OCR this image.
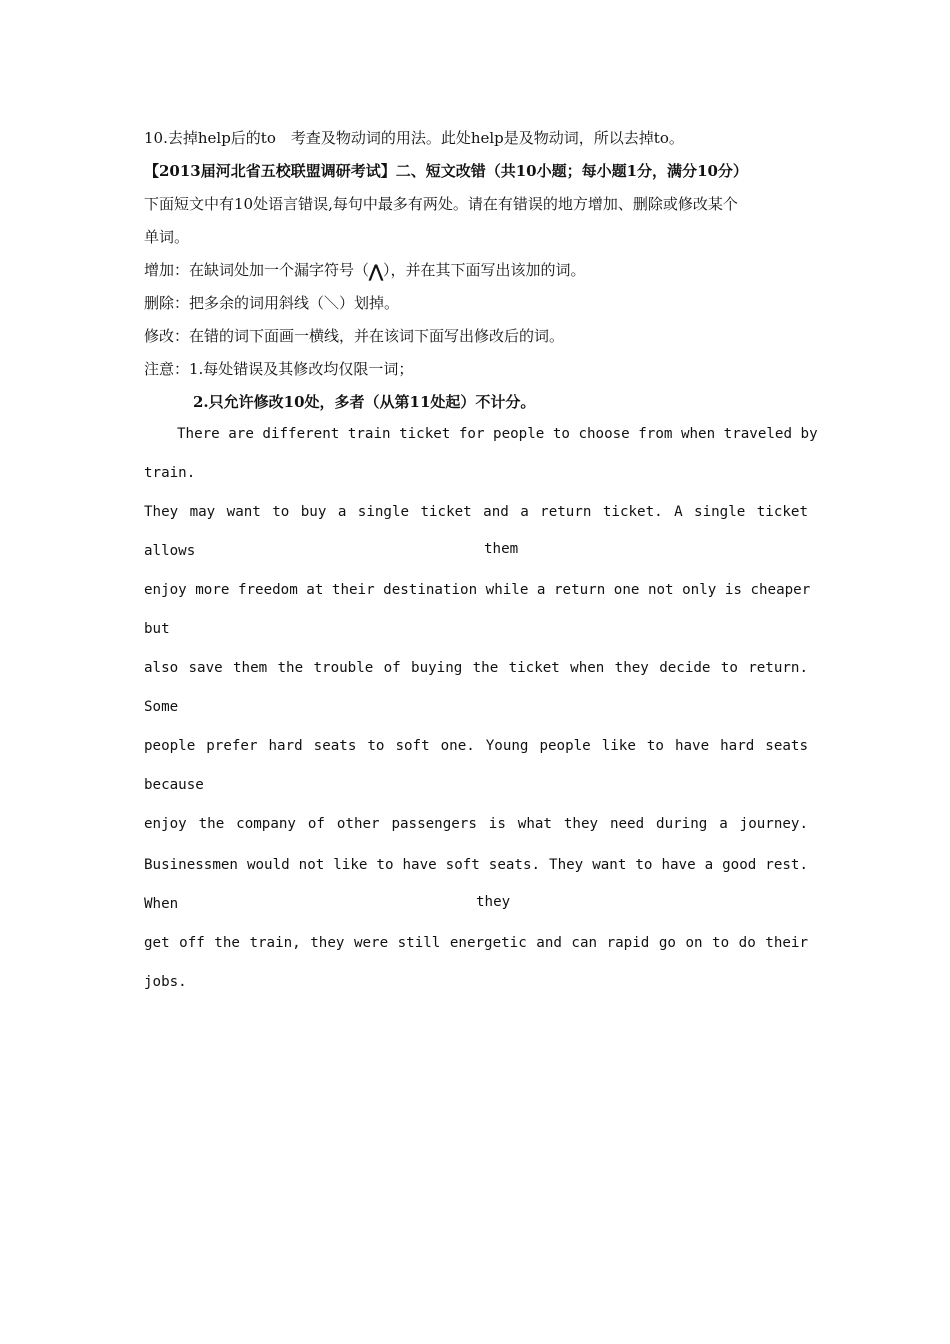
10.去掉help后的to　考查及物动词的用法。此处help是及物动词，所以去掉to。
【2013届河北省五校联盟调研考试】二、短文改错（共10小题；每小题1分，满分10分）
下面短文中有10处语言错误,每句中最多有两处。请在有错误的地方增加、删除或修改某个
单词。
增加：在缺词处加一个漏字符号（⋀），并在其下面写出该加的词。
删除：把多余的词用斜线（＼）划掉。
修改：在错的词下面画一横线，并在该词下面写出修改后的词。
注意：1.每处错误及其修改均仅限一词；
2.只允许修改10处，多者（从第11处起）不计分。
There are different train ticket for people to choose from when traveled by
train.
They may want to buy a single ticket and a return ticket. A single ticket
allows	them
enjoy more freedom at their destination while a return one not only is cheaper
but
also save them the trouble of buying the ticket when they decide to return.
Some
people prefer hard seats to soft one. Young people like to have hard seats
because
enjoy the company of other passengers is what they need during a journey.
Businessmen would not like to have soft seats. They want to have a good rest.
When	they
get off the train, they were still energetic and can rapid go on to do their
jobs.
